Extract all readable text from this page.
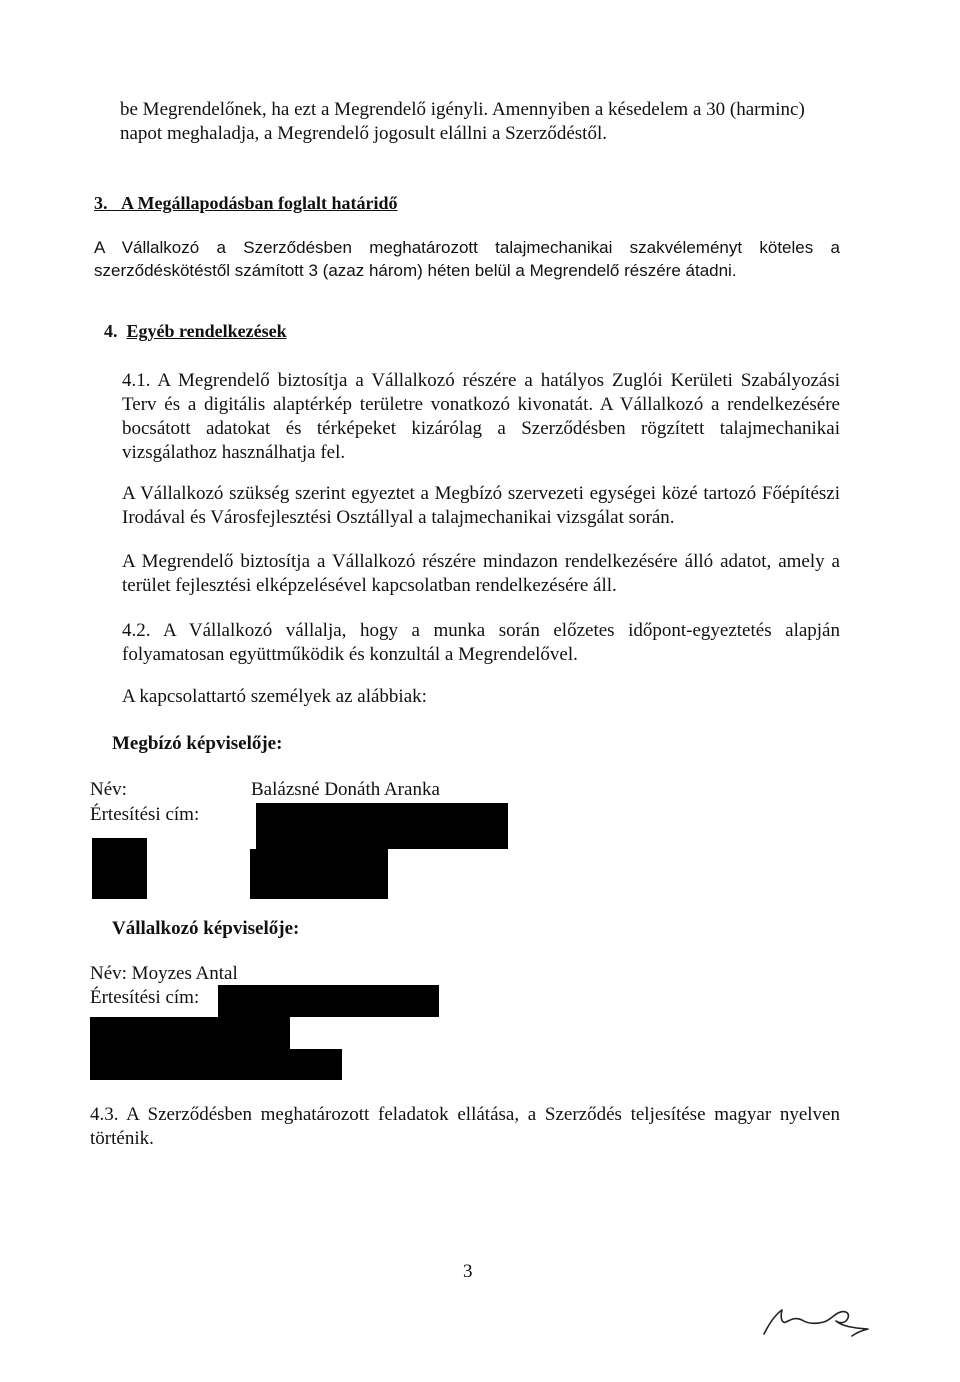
be Megrendelőnek, ha ezt a Megrendelő igényli. Amennyiben a késedelem a 30 (harminc)
napot meghaladja, a Megrendelő jogosult elállni a Szerződéstől.
3. A Megállapodásban foglalt határidő
A Vállalkozó a Szerződésben meghatározott talajmechanikai szakvéleményt köteles a szerződéskötéstől számított 3 (azaz három) héten belül a Megrendelő részére átadni.
4. Egyéb rendelkezések
4.1. A Megrendelő biztosítja a Vállalkozó részére a hatályos Zuglói Kerületi Szabályozási Terv és a digitális alaptérkép területre vonatkozó kivonatát. A Vállalkozó a rendelkezésére bocsátott adatokat és térképeket kizárólag a Szerződésben rögzített talajmechanikai vizsgálathoz használhatja fel.
A Vállalkozó szükség szerint egyeztet a Megbízó szervezeti egységei közé tartozó Főépítészi Irodával és Városfejlesztési Osztállyal a talajmechanikai vizsgálat során.
A Megrendelő biztosítja a Vállalkozó részére mindazon rendelkezésére álló adatot, amely a terület fejlesztési elképzelésével kapcsolatban rendelkezésére áll.
4.2. A Vállalkozó vállalja, hogy a munka során előzetes időpont-egyeztetés alapján folyamatosan együttműködik és konzultál a Megrendelővel.
A kapcsolattartó személyek az alábbiak:
Megbízó képviselője:
Név:	Balázsné Donáth Aranka
Értesítési cím:
Vállalkozó képviselője:
Név: Moyzes Antal
Értesítési cím:
4.3. A Szerződésben meghatározott feladatok ellátása, a Szerződés teljesítése magyar nyelven történik.
3
